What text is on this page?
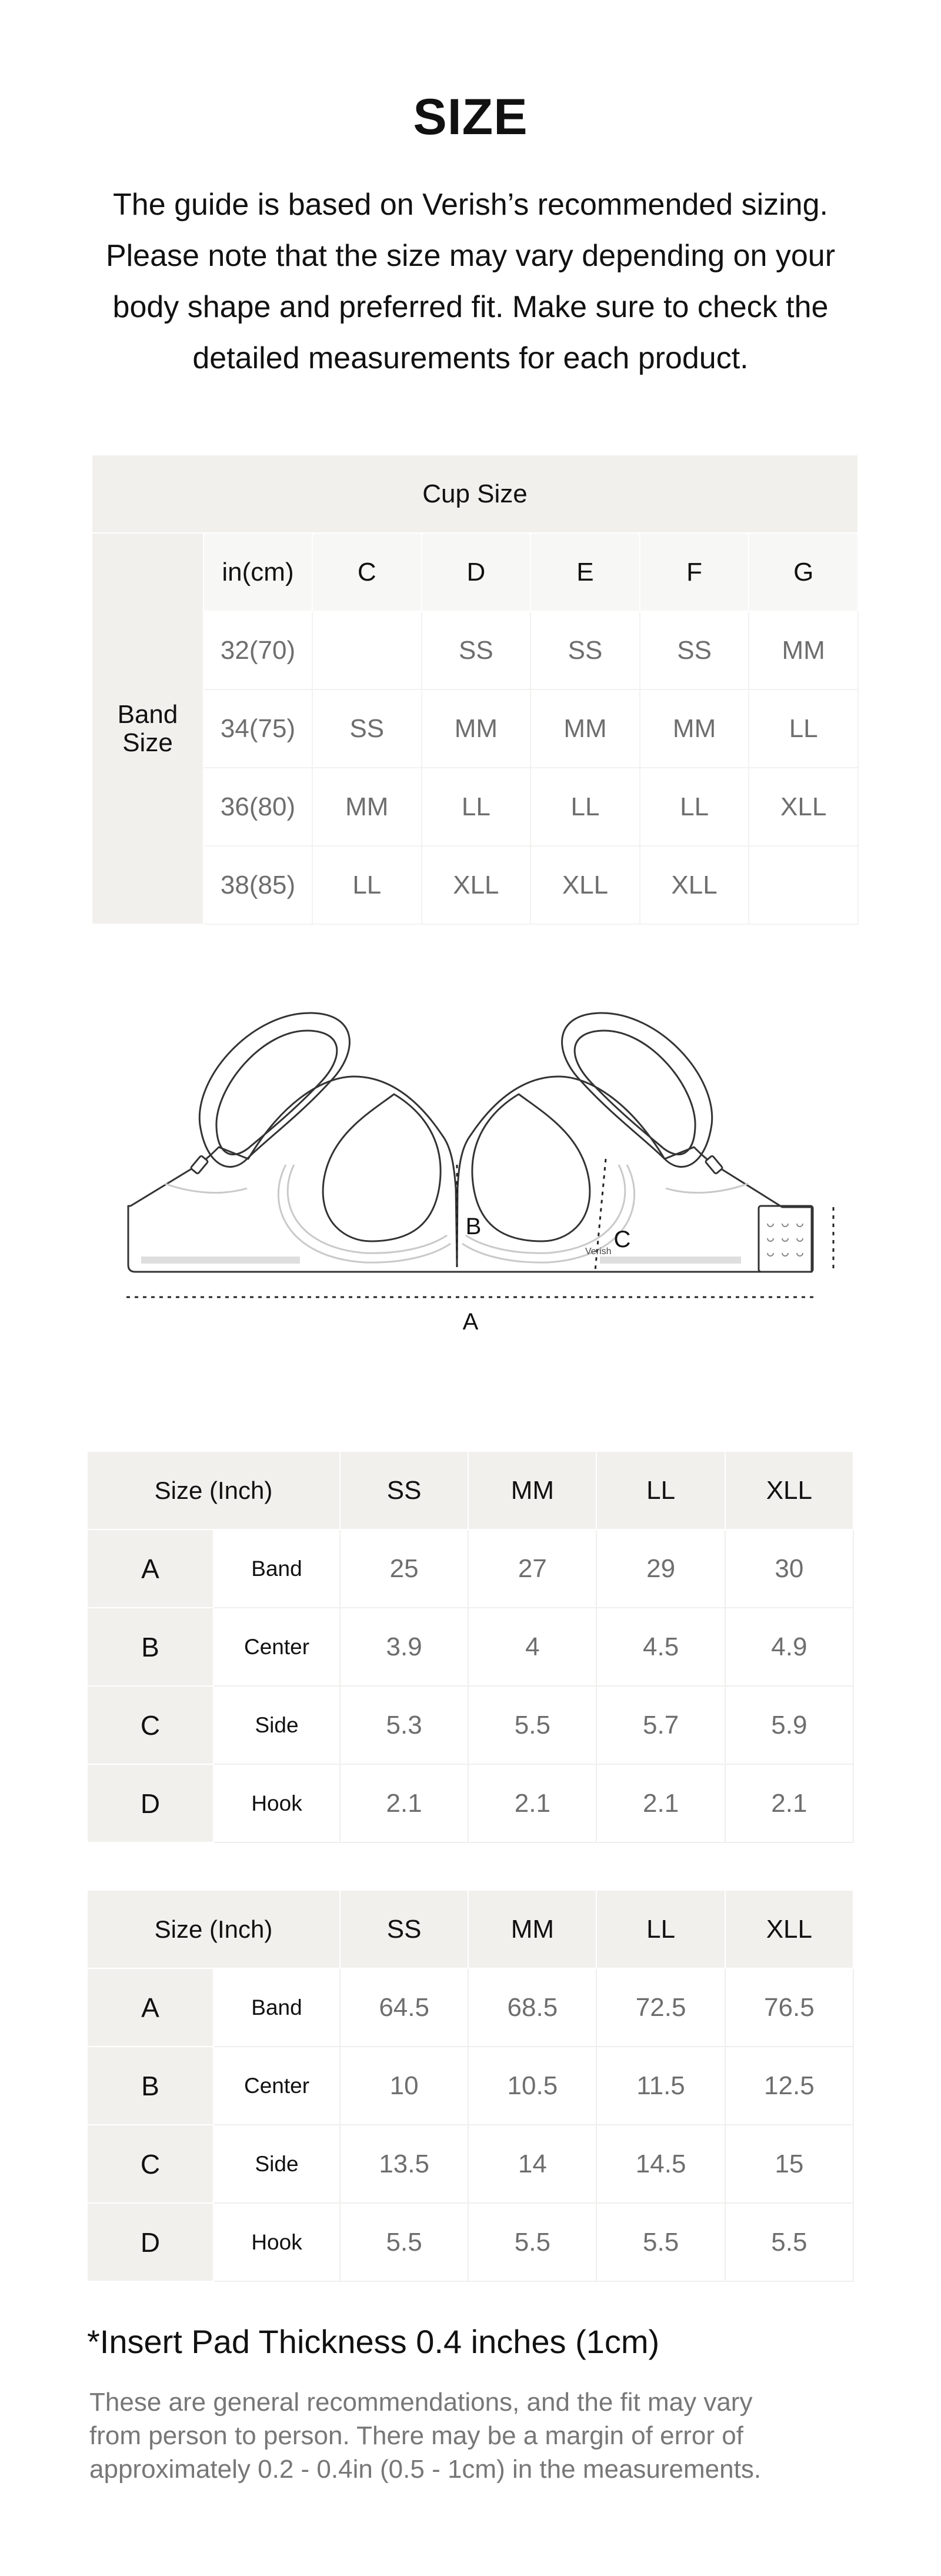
SIZE
The guide is based on Verish’s recommended sizing.
Please note that the size may vary depending on your
body shape and preferred fit. Make sure to check the
detailed measurements for each product.
Cup Size						

Band
Size	in(cm)	C	D	E	F	G
	32(70)		SS	SS	SS	MM
	34(75)	SS	MM	MM	MM	LL
	36(80)	MM	LL	LL	LL	XLL
	38(85)	LL	XLL	XLL	XLL	
A
B	C
Verish
Size (Inch)		SS	MM	LL	XLL
A	Band	25	27	29	30
B	Center	3.9	4	4.5	4.9
C	Side	5.3	5.5	5.7	5.9
D	Hook	2.1	2.1	2.1	2.1
Size (Inch)		SS	MM	LL	XLL
A	Band	64.5	68.5	72.5	76.5
B	Center	10	10.5	11.5	12.5
C	Side	13.5	14	14.5	15
D	Hook	5.5	5.5	5.5	5.5
*Insert Pad Thickness 0.4 inches (1cm)
These are general recommendations, and the fit may vary
from person to person. There may be a margin of error of
approximately 0.2 - 0.4in (0.5 - 1cm) in the measurements.
